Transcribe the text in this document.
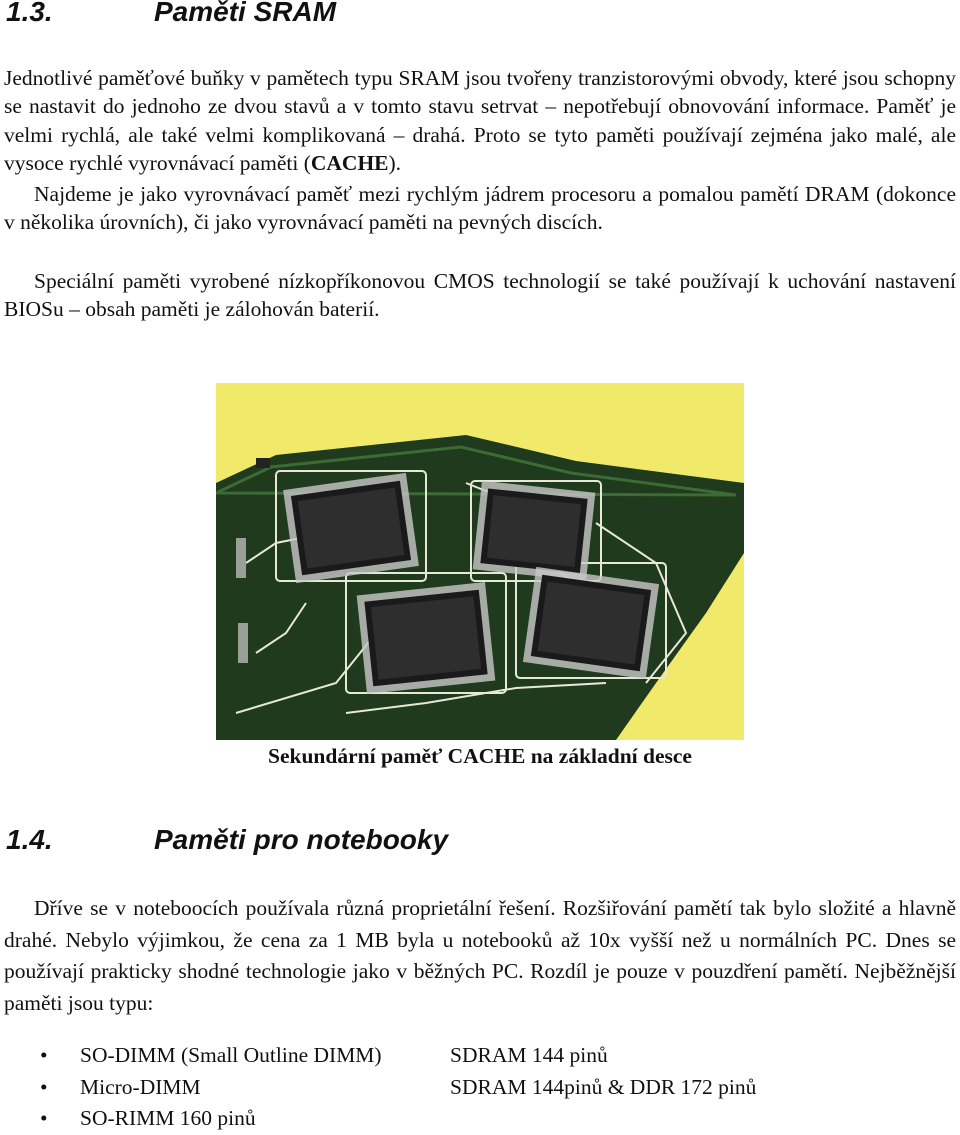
1.3.	Paměti SRAM

Jednotlivé paměťové buňky v pamětech typu SRAM jsou tvořeny tranzistorovými obvody, které jsou schopny se nastavit do jednoho ze dvou stavů a v tomto stavu setrvat – nepotřebují obnovování informace. Paměť je velmi rychlá, ale také velmi komplikovaná – drahá. Proto se tyto paměti používají zejména jako malé, ale vysoce rychlé vyrovnávací paměti (CACHE).

Najdeme je jako vyrovnávací paměť mezi rychlým jádrem procesoru a pomalou pamětí DRAM (dokonce v několika úrovních), či jako vyrovnávací paměti na pevných discích.

Speciální paměti vyrobené nízkopříkonovou CMOS technologií se také používají k uchování nastavení BIOSu – obsah paměti je zálohován baterií.

Sekundární paměť CACHE na základní desce
1.4.	Paměti pro notebooky

Dříve se v noteboocích používala různá proprietální řešení. Rozšiřování pamětí tak bylo složité a hlavně drahé. Nebylo výjimkou, že cena za 1 MB byla u notebooků až 10x vyšší než u normálních PC. Dnes se používají prakticky shodné technologie jako v běžných PC. Rozdíl je pouze v pouzdření pamětí. Nejběžnější paměti jsou typu:

• SO-DIMM (Small Outline DIMM)	SDRAM 144 pinů
• Micro-DIMM	SDRAM 144pinů & DDR 172 pinů
• SO-RIMM 160 pinů
